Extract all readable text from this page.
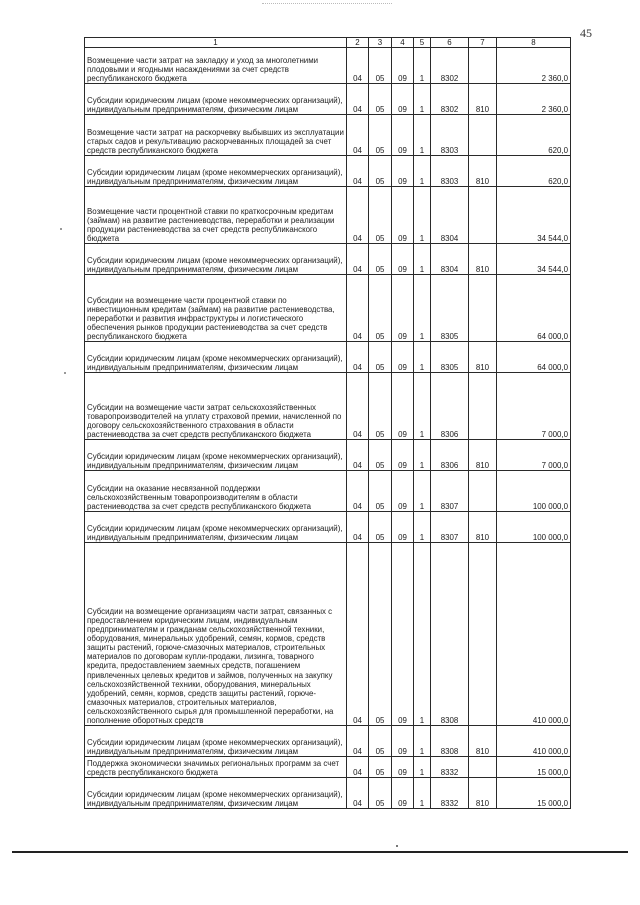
45
1	2	3	4	5	6	7	8
Возмещение части затрат на закладку и уход за многолетними плодовыми и ягодными насаждениями за счет средств республиканского бюджета	04	05	09	1	8302		2 360,0
Субсидии юридическим лицам (кроме некоммерческих организаций), индивидуальным предпринимателям, физическим лицам	04	05	09	1	8302	810	2 360,0
Возмещение части затрат на раскорчевку выбывших из эксплуатации старых садов и рекультивацию раскорчеванных площадей за счет средств республиканского бюджета	04	05	09	1	8303		620,0
Субсидии юридическим лицам (кроме некоммерческих организаций), индивидуальным предпринимателям, физическим лицам	04	05	09	1	8303	810	620,0
Возмещение части процентной ставки по краткосрочным кредитам (займам) на развитие растениеводства, переработки и реализации продукции растениеводства за счет средств республиканского бюджета	04	05	09	1	8304		34 544,0
Субсидии юридическим лицам (кроме некоммерческих организаций), индивидуальным предпринимателям, физическим лицам	04	05	09	1	8304	810	34 544,0
Субсидии на возмещение части процентной ставки по инвестиционным кредитам (займам) на развитие растениеводства, переработки и развития инфраструктуры и логистического обеспечения рынков продукции растениеводства за счет средств республиканского бюджета	04	05	09	1	8305		64 000,0
Субсидии юридическим лицам (кроме некоммерческих организаций), индивидуальным предпринимателям, физическим лицам	04	05	09	1	8305	810	64 000,0
Субсидии на возмещение части затрат сельскохозяйственных товаропроизводителей на уплату страховой премии, начисленной по договору сельскохозяйственного страхования в области растениеводства за счет средств республиканского бюджета	04	05	09	1	8306		7 000,0
Субсидии юридическим лицам (кроме некоммерческих организаций), индивидуальным предпринимателям, физическим лицам	04	05	09	1	8306	810	7 000,0
Субсидии на оказание несвязанной поддержки сельскохозяйственным товаропроизводителям в области растениеводства за счет средств республиканского бюджета	04	05	09	1	8307		100 000,0
Субсидии юридическим лицам (кроме некоммерческих организаций), индивидуальным предпринимателям, физическим лицам	04	05	09	1	8307	810	100 000,0
Субсидии на возмещение организациям части затрат, связанных с предоставлением юридическим лицам, индивидуальным предпринимателям и гражданам сельскохозяйственной техники, оборудования, минеральных удобрений, семян, кормов, средств защиты растений, горюче-смазочных материалов, строительных материалов по договорам купли-продажи, лизинга, товарного кредита, предоставлением заемных средств, погашением привлеченных целевых кредитов и займов, полученных на закупку сельскохозяйственной техники, оборудования, минеральных удобрений, семян, кормов, средств защиты растений, горюче-смазочных материалов, строительных материалов, сельскохозяйственного сырья для промышленной переработки, на пополнение оборотных средств	04	05	09	1	8308		410 000,0
Субсидии юридическим лицам (кроме некоммерческих организаций), индивидуальным предпринимателям, физическим лицам	04	05	09	1	8308	810	410 000,0
Поддержка экономически значимых региональных программ за счет средств республиканского бюджета	04	05	09	1	8332		15 000,0
Субсидии юридическим лицам (кроме некоммерческих организаций), индивидуальным предпринимателям, физическим лицам	04	05	09	1	8332	810	15 000,0
